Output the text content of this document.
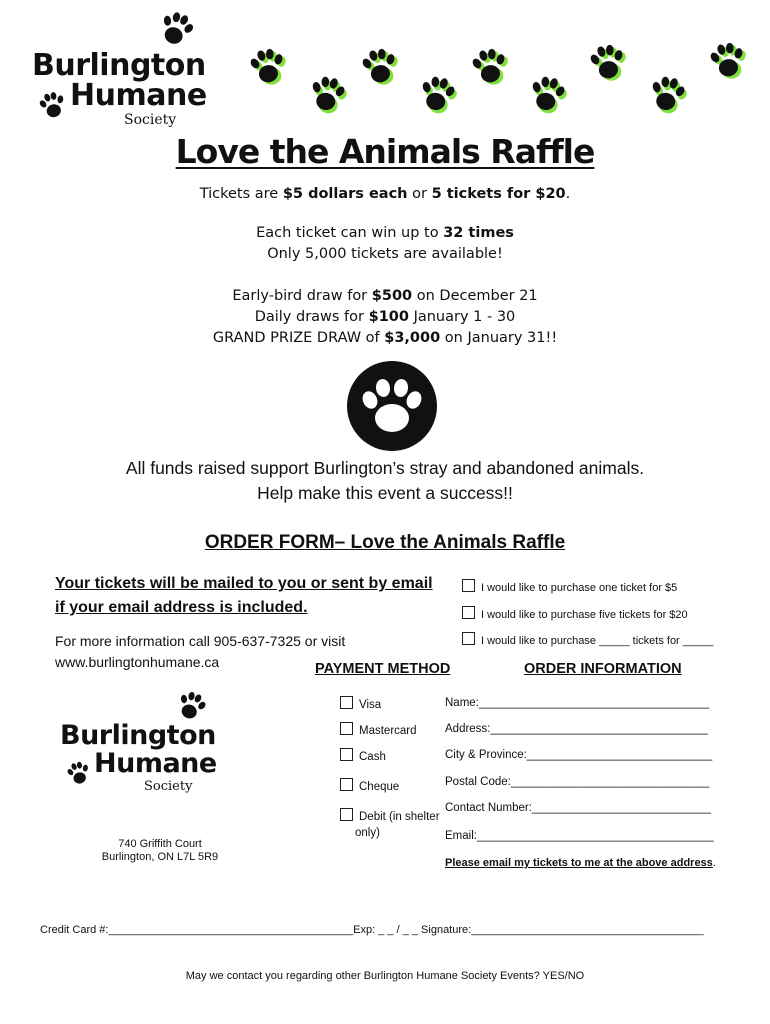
Burlington
Humane
Society
Love the Animals Raffle
Tickets are $5 dollars each or 5 tickets for $20.
Each ticket can win up to 32 times
Only 5,000 tickets are available!
Early-bird draw for $500 on December 21
Daily draws for $100 January 1 - 30
GRAND PRIZE DRAW of $3,000 on January 31!!
All funds raised support Burlington’s stray and abandoned animals.
Help make this event a success!!
ORDER FORM– Love the Animals Raffle
Your tickets will be mailed to you or sent by email if your email address is included.
For more information call 905-637-7325 or visit
www.burlingtonhumane.ca
I would like to purchase one ticket for $5
I would like to purchase five tickets for $20
I would like to purchase _____ tickets for _____
PAYMENT METHOD	ORDER INFORMATION
Visa
Mastercard
Cash
Cheque
Debit (in shelter
only)
Name:____________________________________
Address:__________________________________
City & Province:_____________________________
Postal Code:_______________________________
Contact Number:____________________________
Email:_____________________________________
Please email my tickets to me at the above address.
Burlington
Humane
Society
740 Griffith Court
Burlington, ON L7L 5R9
Credit Card #:________________________________________Exp: _ _ / _ _ Signature:______________________________________
May we contact you regarding other Burlington Humane Society Events? YES/NO
